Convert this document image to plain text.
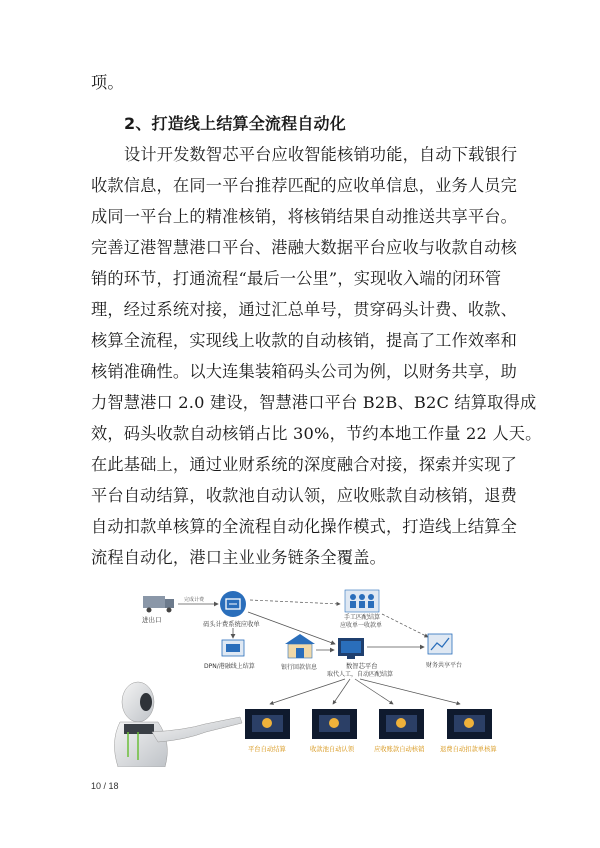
项。
2、打造线上结算全流程自动化
设计开发数智芯平台应收智能核销功能，自动下载银行
收款信息，在同一平台推荐匹配的应收单信息，业务人员完
成同一平台上的精准核销，将核销结果自动推送共享平台。
完善辽港智慧港口平台、港融大数据平台应收与收款自动核
销的环节，打通流程“最后一公里”，实现收入端的闭环管
理，经过系统对接，通过汇总单号，贯穿码头计费、收款、
核算全流程，实现线上收款的自动核销，提高了工作效率和
核销准确性。以大连集装箱码头公司为例，以财务共享，助
力智慧港口 2.0 建设，智慧港口平台 B2B、B2C 结算取得成
效，码头收款自动核销占比 30%，节约本地工作量 22 人天。
在此基础上，通过业财系统的深度融合对接，探索并实现了
平台自动结算，收款池自动认领，应收账款自动核销，退费
自动扣款单核算的全流程自动化操作模式，打造线上结算全
流程自动化，港口主业业务链条全覆盖。
进出口
完成计费
码头计费系统应收单
手工匹配结算
应收单一收款单
DPN/港融线上结算	银行回款信息	数智芯平台
取代人工，自动匹配结算
财务共享平台
平台自动结算	收款池自动认领	应收账款自动核销 退费自动扣款单核算
10 / 18
